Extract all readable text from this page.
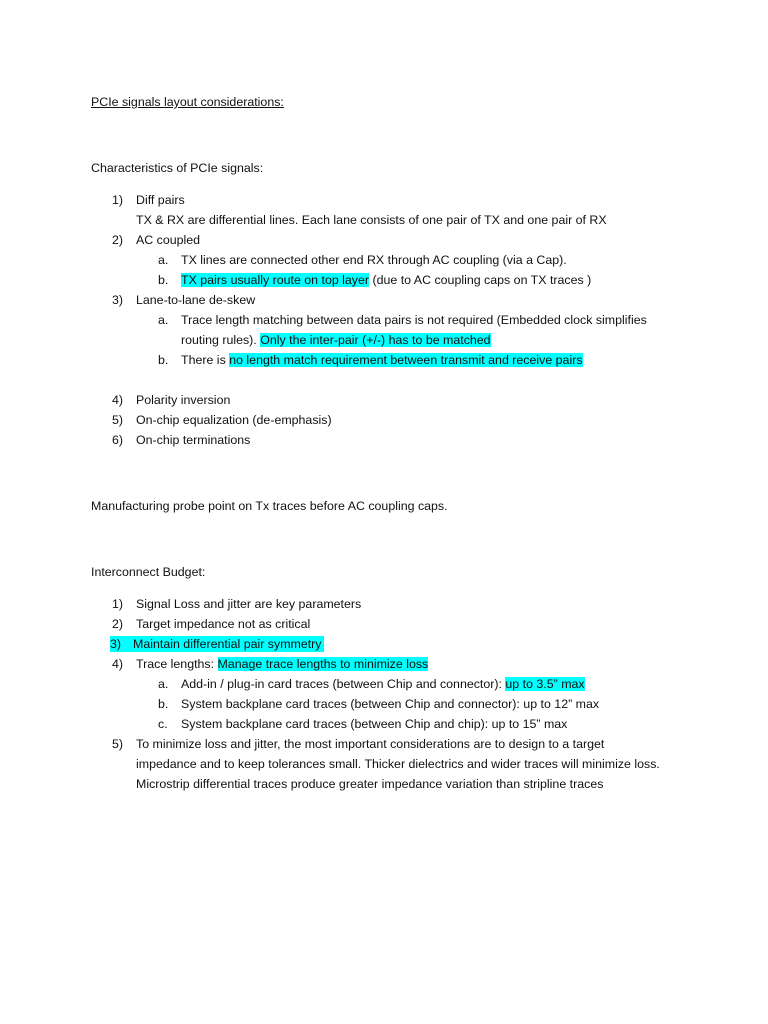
PCIe signals layout considerations:
Characteristics of PCIe signals:
1) Diff pairs
TX & RX are differential lines. Each lane consists of one pair of TX and one pair of RX
2) AC coupled
a. TX lines are connected other end RX through AC coupling (via a Cap).
b. TX pairs usually route on top layer (due to AC coupling caps on TX traces )
3) Lane-to-lane de-skew
a. Trace length matching between data pairs is not required (Embedded clock simplifies
routing rules). Only the inter-pair (+/-) has to be matched
b. There is no length match requirement between transmit and receive pairs
4) Polarity inversion
5) On-chip equalization (de-emphasis)
6) On-chip terminations
Manufacturing probe point on Tx traces before AC coupling caps.
Interconnect Budget:
1) Signal Loss and jitter are key parameters
2) Target impedance not as critical
3) Maintain differential pair symmetry
4) Trace lengths: Manage trace lengths to minimize loss
a. Add-in / plug-in card traces (between Chip and connector): up to 3.5” max
b. System backplane card traces (between Chip and connector): up to 12” max
c. System backplane card traces (between Chip and chip): up to 15” max
5) To minimize loss and jitter, the most important considerations are to design to a target
impedance and to keep tolerances small. Thicker dielectrics and wider traces will minimize loss.
Microstrip differential traces produce greater impedance variation than stripline traces
